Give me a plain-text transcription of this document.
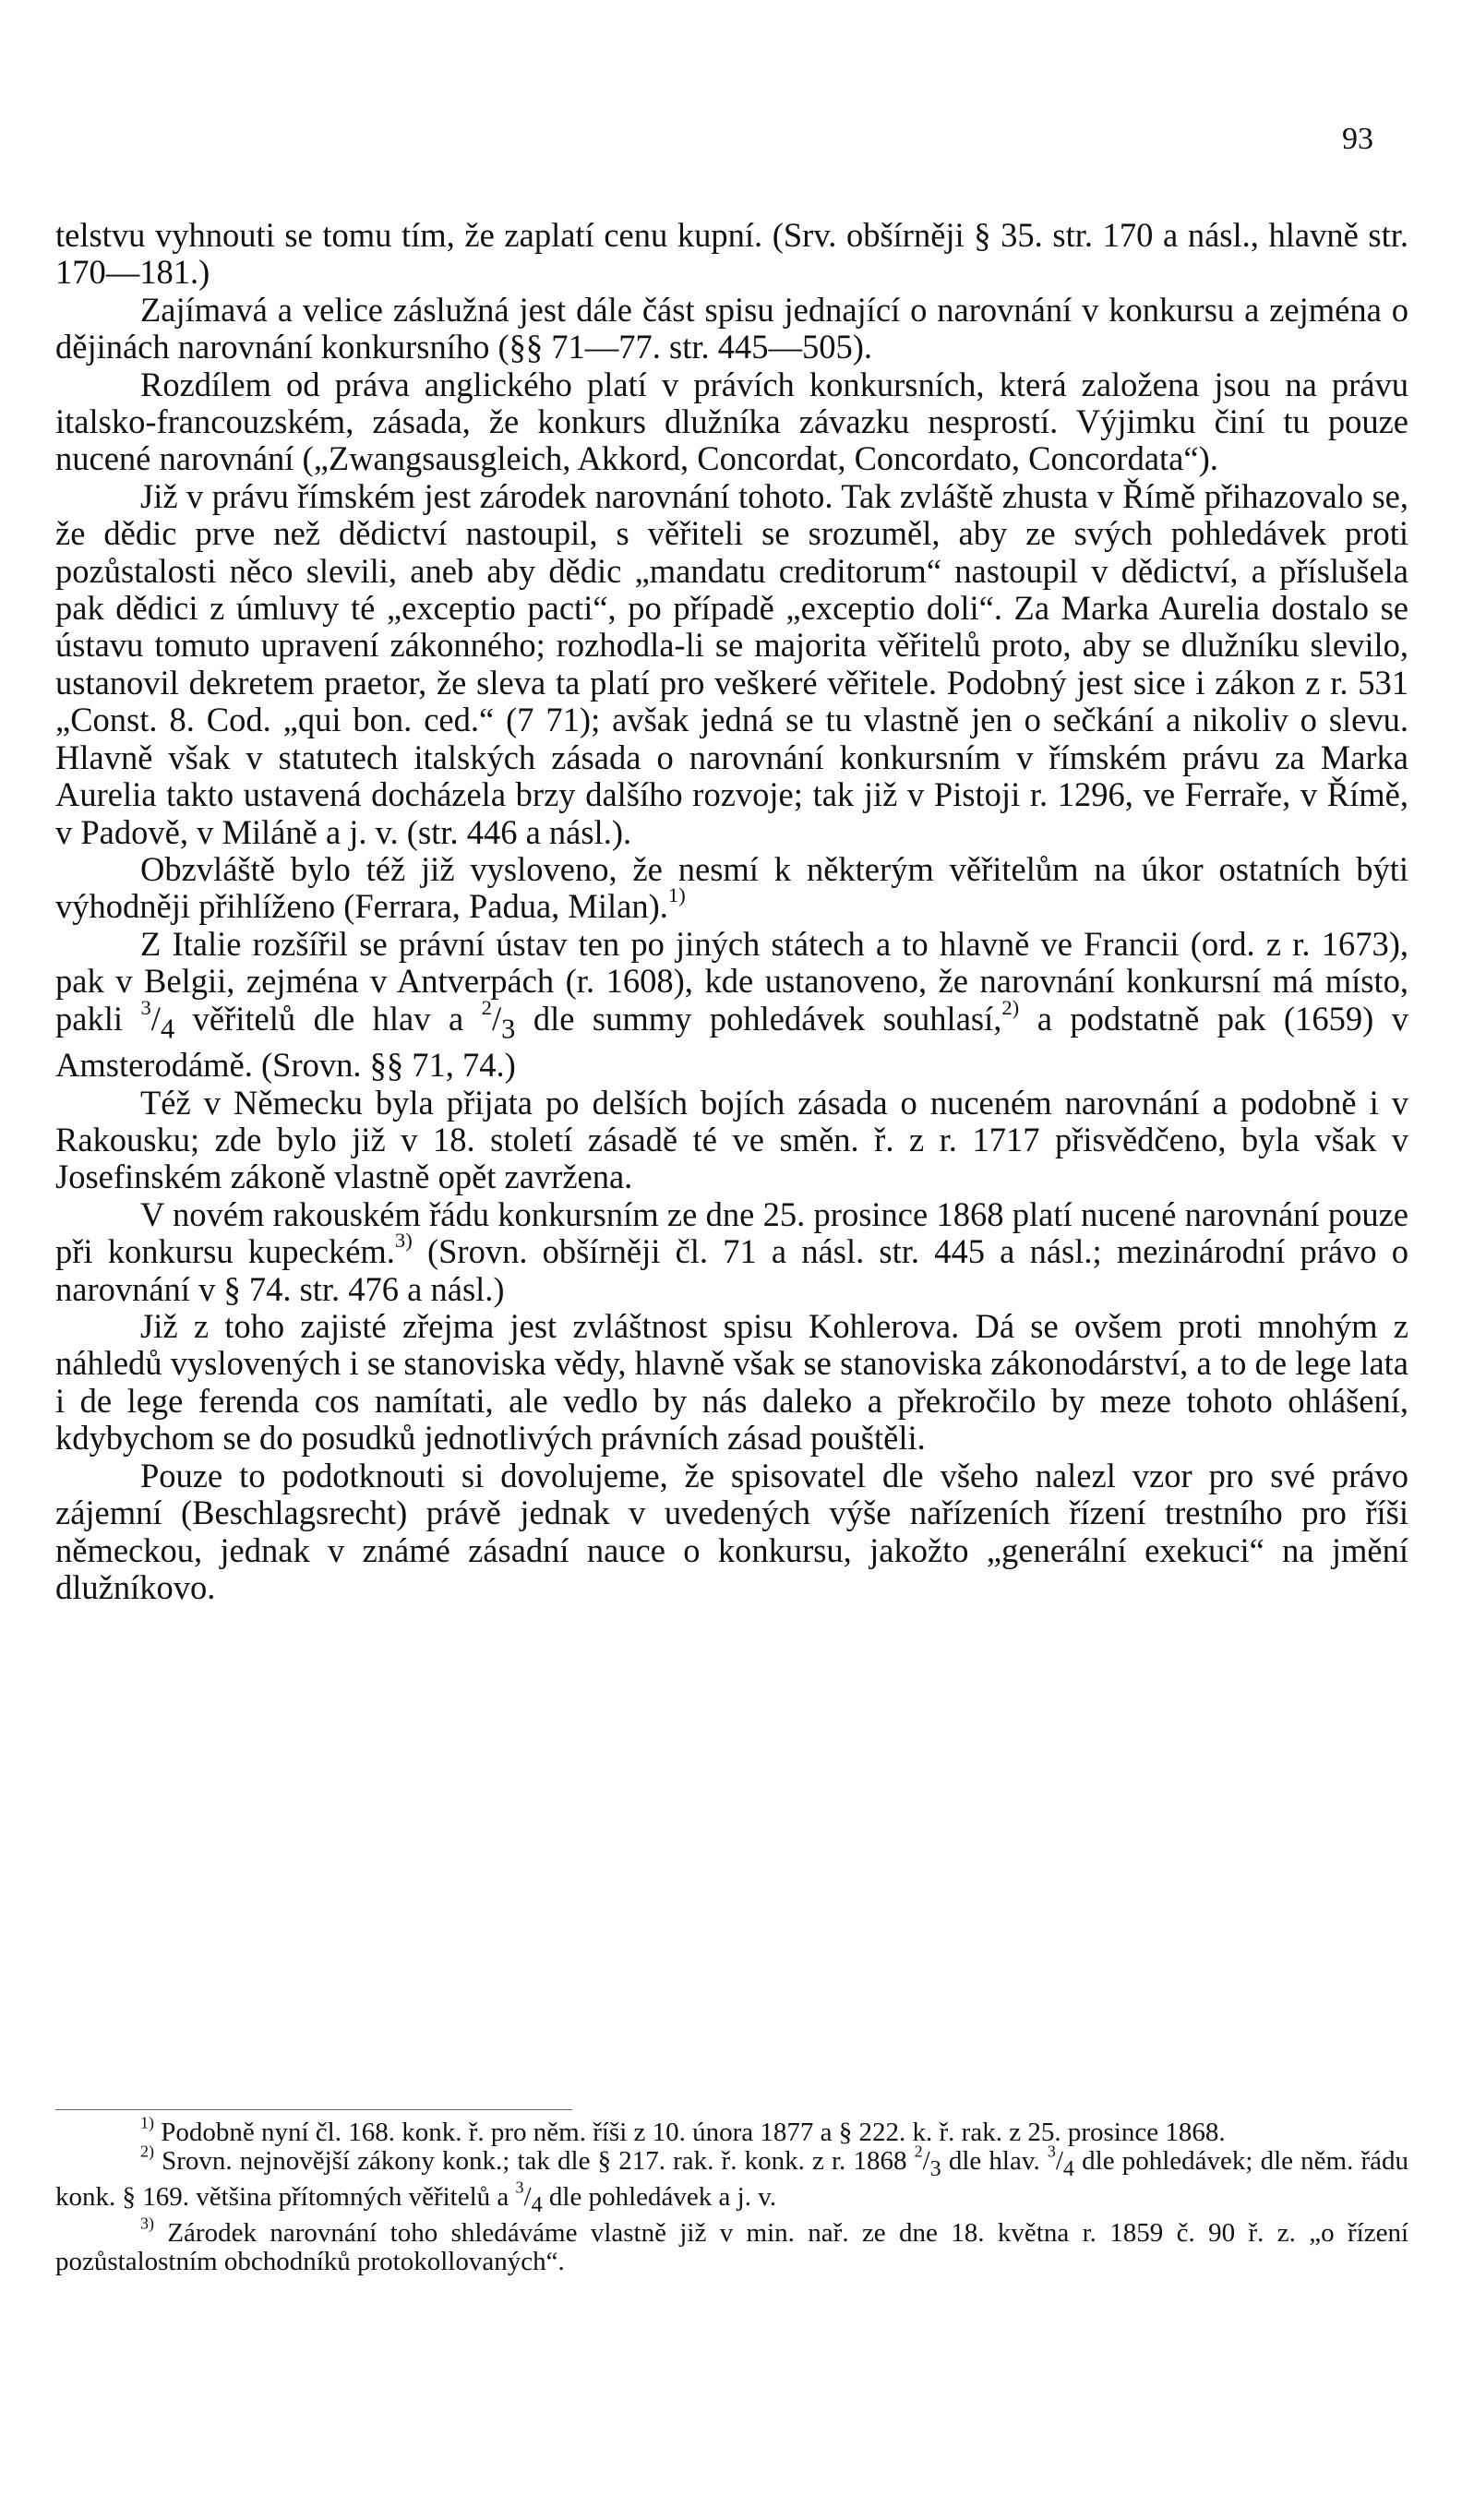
93

telstvu vyhnouti se tomu tím, že zaplatí cenu kupní. (Srv. obšírněji § 35. str. 170 a násl., hlavně str. 170—181.)

Zajímavá a velice záslužná jest dále část spisu jednající o narovnání v konkursu a zejména o dějinách narovnání konkursního (§§ 71—77. str. 445—505).

Rozdílem od práva anglického platí v právích konkursních, která založena jsou na právu italsko-francouzském, zásada, že konkurs dlužníka závazku nesprostí. Výjimku činí tu pouze nucené narovnání („Zwangsausgleich, Akkord, Concordat, Concordato, Concordata“).

Již v právu římském jest zárodek narovnání tohoto. Tak zvláště zhusta v Římě přihazovalo se, že dědic prve než dědictví nastoupil, s věřiteli se srozuměl, aby ze svých pohledávek proti pozůstalosti něco slevili, aneb aby dědic „mandatu creditorum“ nastoupil v dědictví, a příslušela pak dědici z úmluvy té „exceptio pacti“, po případě „exceptio doli“. Za Marka Aurelia dostalo se ústavu tomuto upravení zákonného; rozhodla-li se majorita věřitelů proto, aby se dlužníku slevilo, ustanovil dekretem praetor, že sleva ta platí pro veškeré věřitele. Podobný jest sice i zákon z r. 531 „Const. 8. Cod. „qui bon. ced.“ (7 71); avšak jedná se tu vlastně jen o sečkání a nikoliv o slevu. Hlavně však v statutech italských zásada o narovnání konkursním v římském právu za Marka Aurelia takto ustavená docházela brzy dalšího rozvoje; tak již v Pistoji r. 1296, ve Ferraře, v Římě, v Padově, v Miláně a j. v. (str. 446 a násl.).

Obzvláště bylo též již vysloveno, že nesmí k některým věřitelům na úkor ostatních býti výhodněji přihlíženo (Ferrara, Padua, Milan).$^{1)}$

Z Italie rozšířil se právní ústav ten po jiných státech a to hlavně ve Francii (ord. z r. 1673), pak v Belgii, zejména v Antverpách (r. 1608), kde ustanoveno, že narovnání konkursní má místo, pakli $^3/_4$ věřitelů dle hlav a $^2/_3$ dle summy pohledávek souhlasí,$^{2)}$ a podstatně pak (1659) v Amsterodámě. (Srovn. §§ 71, 74.)

Též v Německu byla přijata po delších bojích zásada o nuceném narovnání a podobně i v Rakousku; zde bylo již v 18. století zásadě té ve směn. ř. z r. 1717 přisvědčeno, byla však v Josefinském zákoně vlastně opět zavržena.

V novém rakouském řádu konkursním ze dne 25. prosince 1868 platí nucené narovnání pouze při konkursu kupeckém.$^{3)}$ (Srovn. obšírněji čl. 71 a násl. str. 445 a násl.; mezinárodní právo o narovnání v § 74. str. 476 a násl.)

Již z toho zajisté zřejma jest zvláštnost spisu Kohlerova. Dá se ovšem proti mnohým z náhledů vyslovených i se stanoviska vědy, hlavně však se stanoviska zákonodárství, a to de lege lata i de lege ferenda cos namítati, ale vedlo by nás daleko a překročilo by meze tohoto ohlášení, kdybychom se do posudků jednotlivých právních zásad pouštěli.

Pouze to podotknouti si dovolujeme, že spisovatel dle všeho nalezl vzor pro své právo zájemní (Beschlagsrecht) právě jednak v uvedených výše nařízeních řízení trestního pro říši německou, jednak v známé zásadní nauce o konkursu, jakožto „generální exekuci“ na jmění dlužníkovo.

$^{1)}$ Podobně nyní čl. 168. konk. ř. pro něm. říši z 10. února 1877 a § 222. k. ř. rak. z 25. prosince 1868.

$^{2)}$ Srovn. nejnovější zákony konk.; tak dle § 217. rak. ř. konk. z r. 1868 $^2/_3$ dle hlav. $^3/_4$ dle pohledávek; dle něm. řádu konk. § 169. většina přítomných věřitelů a $^3/_4$ dle pohledávek a j. v.

$^{3)}$ Zárodek narovnání toho shledáváme vlastně již v min. nař. ze dne 18. května r. 1859 č. 90 ř. z. „o řízení pozůstalostním obchodníků protokollovaných“.
